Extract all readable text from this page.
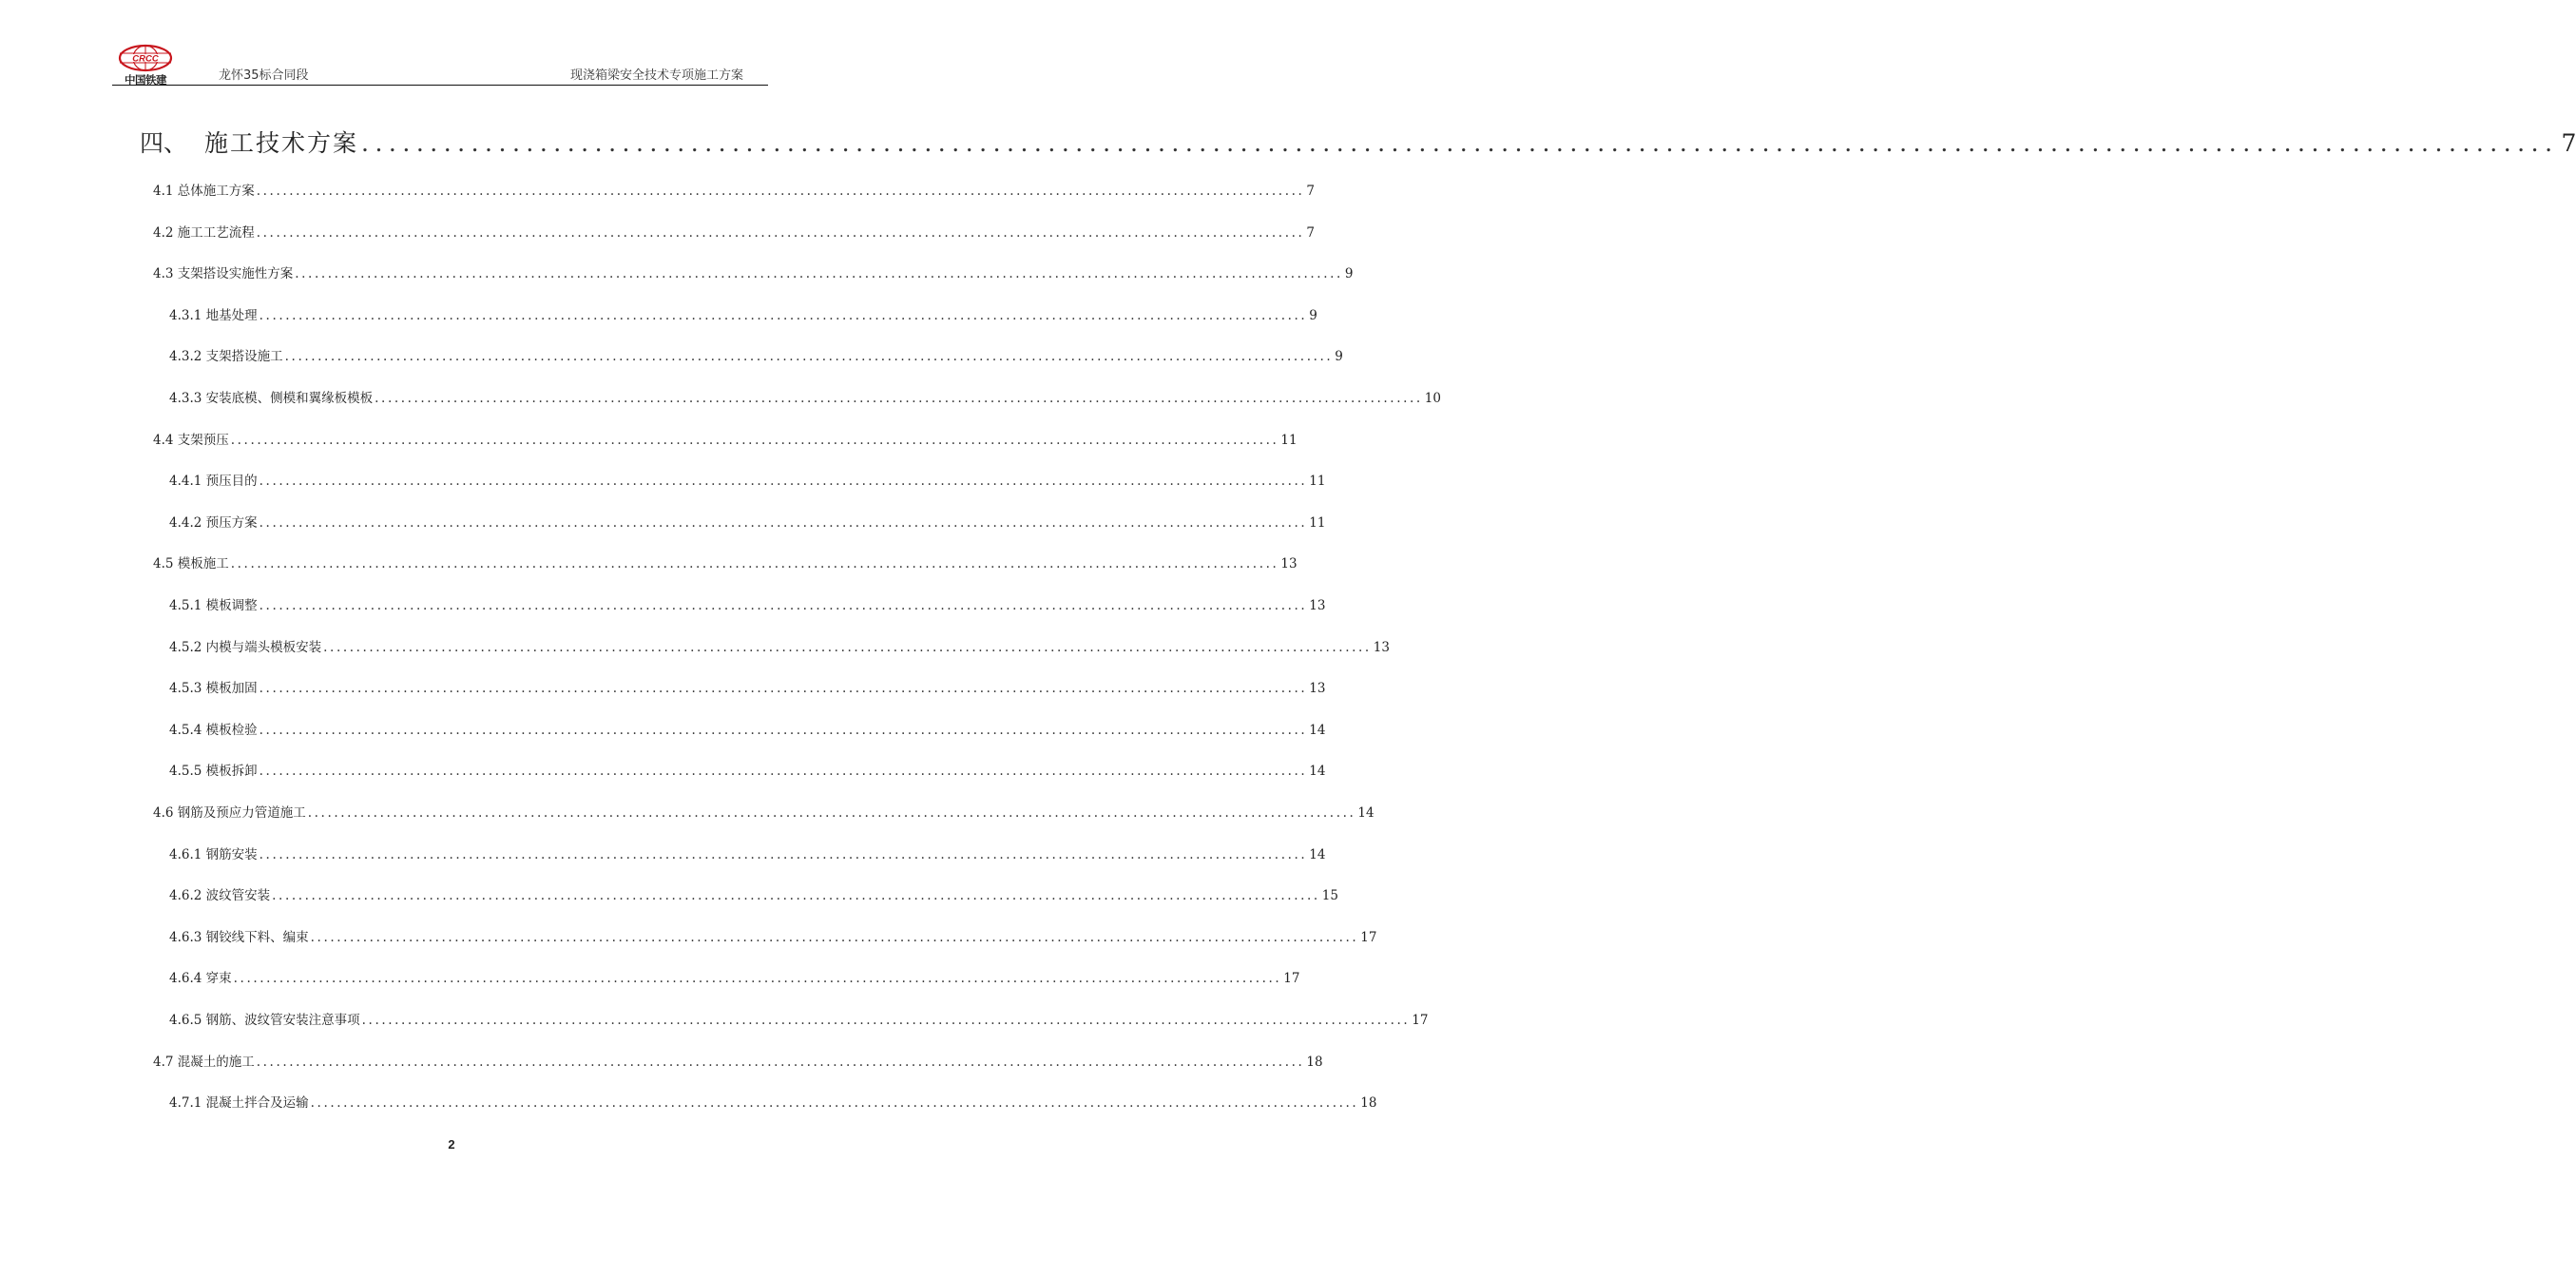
CRCC
中国铁建	龙怀35标合同段	现浇箱梁安全技术专项施工方案
四、 施工技术方案 ................................................................................................................................................................ 7
4.1 总体施工方案 ................................................................................................................................................................ 7
4.2 施工工艺流程 ................................................................................................................................................................ 7
4.3 支架搭设实施性方案 ................................................................................................................................................................ 9
4.3.1 地基处理 ................................................................................................................................................................ 9
4.3.2 支架搭设施工 ................................................................................................................................................................ 9
4.3.3 安装底模、侧模和翼缘板模板 ................................................................................................................................................................ 10
4.4 支架预压 ................................................................................................................................................................ 11
4.4.1 预压目的 ................................................................................................................................................................ 11
4.4.2 预压方案 ................................................................................................................................................................ 11
4.5 模板施工 ................................................................................................................................................................ 13
4.5.1 模板调整 ................................................................................................................................................................ 13
4.5.2 内模与端头模板安装 ................................................................................................................................................................ 13
4.5.3 模板加固 ................................................................................................................................................................ 13
4.5.4 模板检验 ................................................................................................................................................................ 14
4.5.5 模板拆卸 ................................................................................................................................................................ 14
4.6 钢筋及预应力管道施工 ................................................................................................................................................................ 14
4.6.1 钢筋安装 ................................................................................................................................................................ 14
4.6.2 波纹管安装 ................................................................................................................................................................ 15
4.6.3 钢铰线下料、编束 ................................................................................................................................................................ 17
4.6.4 穿束 ................................................................................................................................................................ 17
4.6.5 钢筋、波纹管安装注意事项 ................................................................................................................................................................ 17
4.7 混凝土的施工 ................................................................................................................................................................ 18
4.7.1 混凝土拌合及运输 ................................................................................................................................................................ 18
2
